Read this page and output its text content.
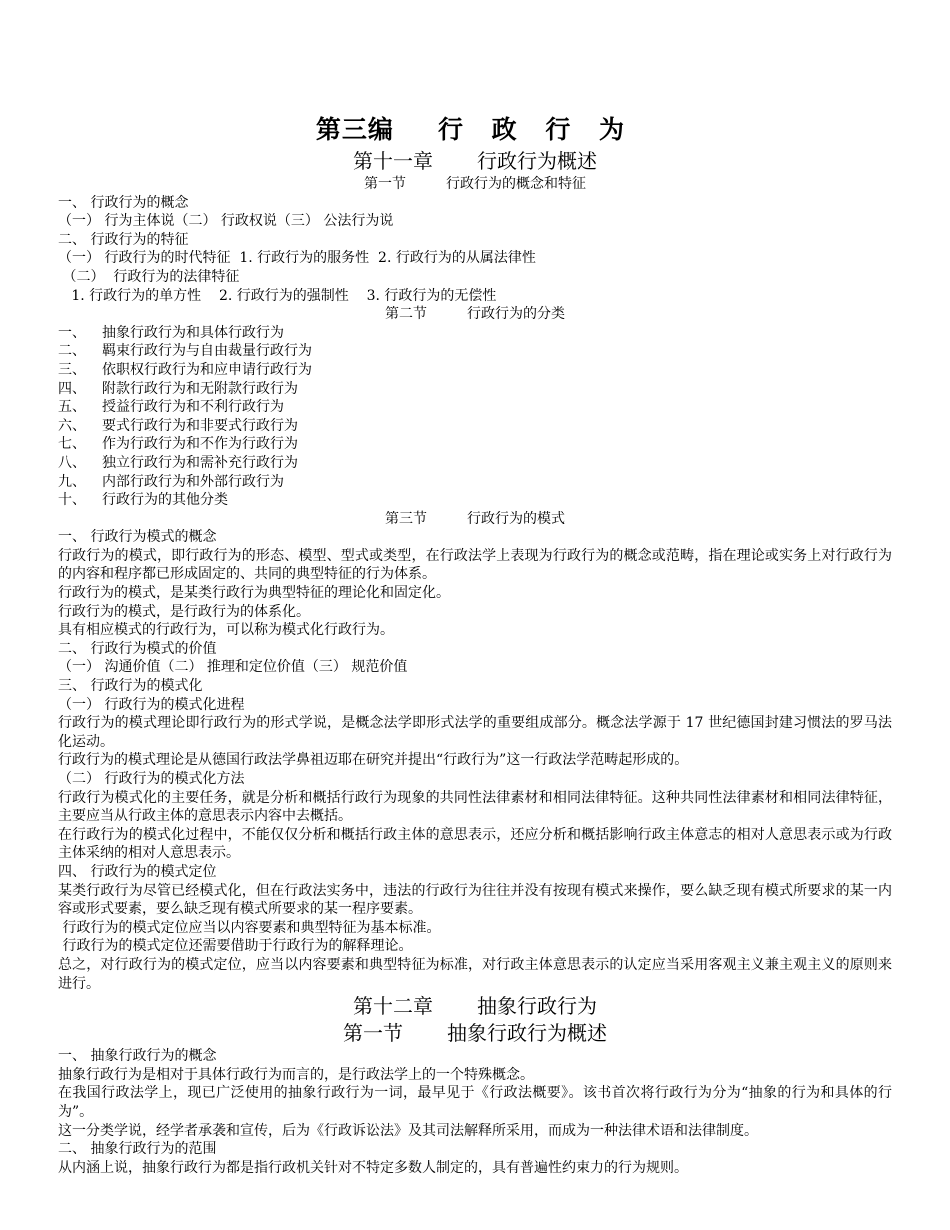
第三编 行 政 行 为
第十一章 行政行为概述
第一节	行政行为的概念和特征
一、 行政行为的概念
（一） 行为主体说（二） 行政权说（三） 公法行为说
二、 行政行为的特征
（一） 行政行为的时代特征  1. 行政行为的服务性  2. 行政行为的从属法律性
（二）  行政行为的法律特征
1. 行政行为的单方性    2. 行政行为的强制性    3. 行政行为的无偿性
第二节	行政行为的分类
一、 抽象行政行为和具体行政行为
二、 羁束行政行为与自由裁量行政行为
三、 依职权行政行为和应申请行政行为
四、 附款行政行为和无附款行政行为
五、 授益行政行为和不利行政行为
六、 要式行政行为和非要式行政行为
七、 作为行政行为和不作为行政行为
八、 独立行政行为和需补充行政行为
九、 内部行政行为和外部行政行为
十、 行政行为的其他分类
第三节	行政行为的模式
一、 行政行为模式的概念
行政行为的模式，即行政行为的形态、模型、型式或类型，在行政法学上表现为行政行为的概念或范畴，指在理论或实务上对行政行为的内容和程序都已形成固定的、共同的典型特征的行为体系。
行政行为的模式，是某类行政行为典型特征的理论化和固定化。
行政行为的模式，是行政行为的体系化。
具有相应模式的行政行为，可以称为模式化行政行为。
二、 行政行为模式的价值
（一） 沟通价值（二） 推理和定位价值（三） 规范价值
三、 行政行为的模式化
（一） 行政行为的模式化进程
行政行为的模式理论即行政行为的形式学说，是概念法学即形式法学的重要组成部分。概念法学源于 17 世纪德国封建习惯法的罗马法化运动。
行政行为的模式理论是从德国行政法学鼻祖迈耶在研究并提出“行政行为”这一行政法学范畴起形成的。
（二） 行政行为的模式化方法
行政行为模式化的主要任务，就是分析和概括行政行为现象的共同性法律素材和相同法律特征。这种共同性法律素材和相同法律特征，主要应当从行政主体的意思表示内容中去概括。
在行政行为的模式化过程中，不能仅仅分析和概括行政主体的意思表示，还应分析和概括影响行政主体意志的相对人意思表示或为行政主体采纳的相对人意思表示。
四、 行政行为的模式定位
某类行政行为尽管已经模式化，但在行政法实务中，违法的行政行为往往并没有按现有模式来操作，要么缺乏现有模式所要求的某一内容或形式要素，要么缺乏现有模式所要求的某一程序要素。
行政行为的模式定位应当以内容要素和典型特征为基本标准。
行政行为的模式定位还需要借助于行政行为的解释理论。
总之，对行政行为的模式定位，应当以内容要素和典型特征为标准，对行政主体意思表示的认定应当采用客观主义兼主观主义的原则来进行。
第十二章 抽象行政行为
第一节 抽象行政行为概述
一、 抽象行政行为的概念
抽象行政行为是相对于具体行政行为而言的，是行政法学上的一个特殊概念。
在我国行政法学上，现已广泛使用的抽象行政行为一词，最早见于《行政法概要》。该书首次将行政行为分为“抽象的行为和具体的行为”。
这一分类学说，经学者承袭和宣传，后为《行政诉讼法》及其司法解释所采用，而成为一种法律术语和法律制度。
二、 抽象行政行为的范围
从内涵上说，抽象行政行为都是指行政机关针对不特定多数人制定的，具有普遍性约束力的行为规则。
